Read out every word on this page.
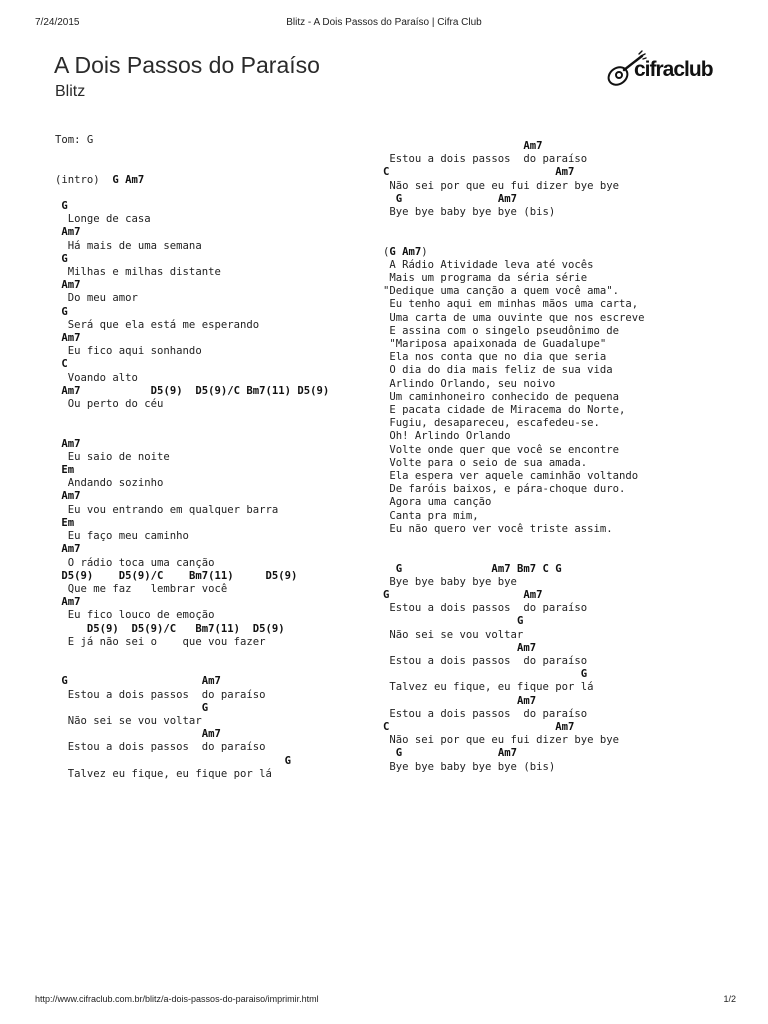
7/24/2015	Blitz - A Dois Passos do Paraíso | Cifra Club
A Dois Passos do Paraíso
Blitz
cifraclub
Tom: G

(intro)  G Am7

G
Longe de casa
Am7
Há mais de uma semana
G
Milhas e milhas distante
Am7
Do meu amor
G
Será que ela está me esperando
Am7
Eu fico aqui sonhando
C
Voando alto
Am7           D5(9)  D5(9)/C Bm7(11) D5(9)
Ou perto do céu

Am7
Eu saio de noite
Em
Andando sozinho
Am7
Eu vou entrando em qualquer barra
Em
Eu faço meu caminho
Am7
O rádio toca uma canção
D5(9)    D5(9)/C    Bm7(11)     D5(9)
Que me faz   lembrar você
Am7
Eu fico louco de emoção
D5(9)  D5(9)/C   Bm7(11)  D5(9)
E já não sei o    que vou fazer

G                     Am7
Estou a dois passos  do paraíso
G
Não sei se vou voltar
Am7
Estou a dois passos  do paraíso
G
Talvez eu fique, eu fique por lá
Am7
Estou a dois passos  do paraíso
C	Am7
Não sei por que eu fui dizer bye bye
G	Am7
Bye bye baby bye bye (bis)

(G Am7)
A Rádio Atividade leva até vocês
Mais um programa da séria série
"Dedique uma canção a quem você ama".
Eu tenho aqui em minhas mãos uma carta,
Uma carta de uma ouvinte que nos escreve
E assina com o singelo pseudônimo de
"Mariposa apaixonada de Guadalupe"
Ela nos conta que no dia que seria
O dia do dia mais feliz de sua vida
Arlindo Orlando, seu noivo
Um caminhoneiro conhecido de pequena
E pacata cidade de Miracema do Norte,
Fugiu, desapareceu, escafedeu-se.
Oh! Arlindo Orlando
Volte onde quer que você se encontre
Volte para o seio de sua amada.
Ela espera ver aquele caminhão voltando
De faróis baixos, e pára-choque duro.
Agora uma canção
Canta pra mim,
Eu não quero ver você triste assim.

G              Am7 Bm7 C G
Bye bye baby bye bye
G	Am7
Estou a dois passos  do paraíso
G
Não sei se vou voltar
Am7
Estou a dois passos  do paraíso
G
Talvez eu fique, eu fique por lá
Am7
Estou a dois passos  do paraíso
C	Am7
Não sei por que eu fui dizer bye bye
G	Am7
Bye bye baby bye bye (bis)
http://www.cifraclub.com.br/blitz/a-dois-passos-do-paraiso/imprimir.html	1/2
